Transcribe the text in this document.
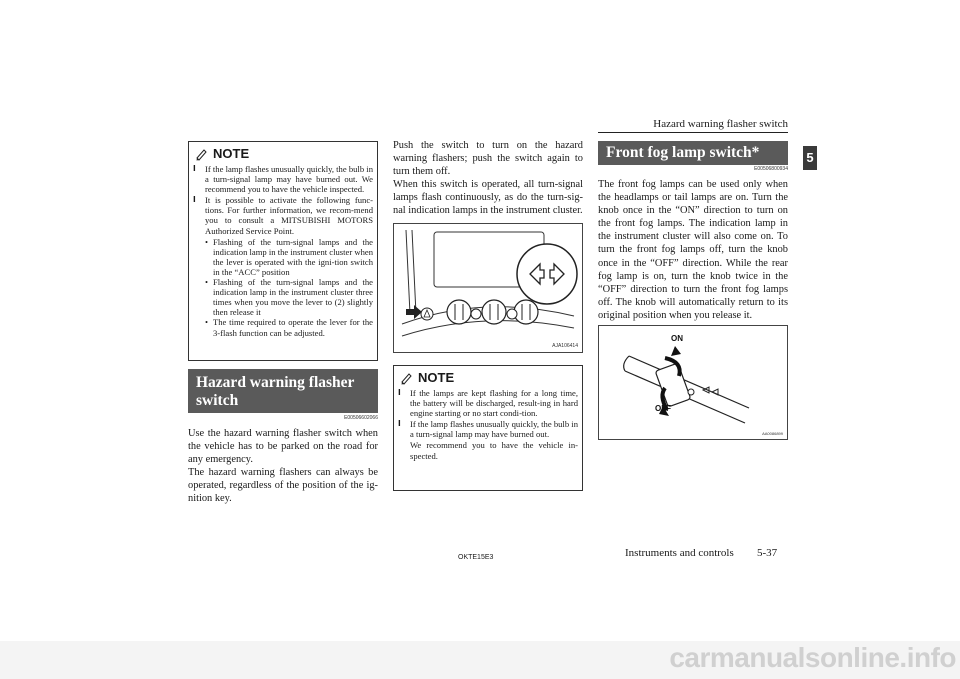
Hazard warning flasher switch
5
NOTE
l If the lamp flashes unusually quickly, the bulb in a turn-signal lamp may have burned out. We recommend you to have the vehicle inspected.
l It is possible to activate the following func-tions. For further information, we recom-mend you to consult a MITSUBISHI MOTORS Authorized Service Point.
• Flashing of the turn-signal lamps and the indication lamp in the instrument cluster when the lever is operated with the igni-tion switch in the “ACC” position
• Flashing of the turn-signal lamps and the indication lamp in the instrument cluster three times when you move the lever to (2) slightly then release it
• The time required to operate the lever for the 3-flash function can be adjusted.
Hazard warning flasher
switch
E00506602066
Use the hazard warning flasher switch when the vehicle has to be parked on the road for any emergency.
The hazard warning flashers can always be operated, regardless of the position of the ig-nition key.
Push the switch to turn on the hazard warning flashers; push the switch again to turn them off.
When this switch is operated, all turn-signal lamps flash continuously, as do the turn-sig-nal indication lamps in the instrument cluster.
AJA106414
NOTE
l If the lamps are kept flashing for a long time, the battery will be discharged, result-ing in hard engine starting or no start condi-tion.
l If the lamp flashes unusually quickly, the bulb in a turn-signal lamp may have burned out.
We recommend you to have the vehicle in-spected.
Front fog lamp switch*
E00506800934
The front fog lamps can be used only when the headlamps or tail lamps are on. Turn the knob once in the “ON” direction to turn on the front fog lamps. The indication lamp in the instrument cluster will also come on. To turn the front fog lamps off, turn the knob once in the “OFF” direction. While the rear fog lamp is on, turn the knob twice in the “OFF” direction to turn the front fog lamps off. The knob will automatically return to its original position when you release it.
ON
OFF
AA0086899
OKTE15E3	Instruments and controls 5-37
carmanualsonline.info
